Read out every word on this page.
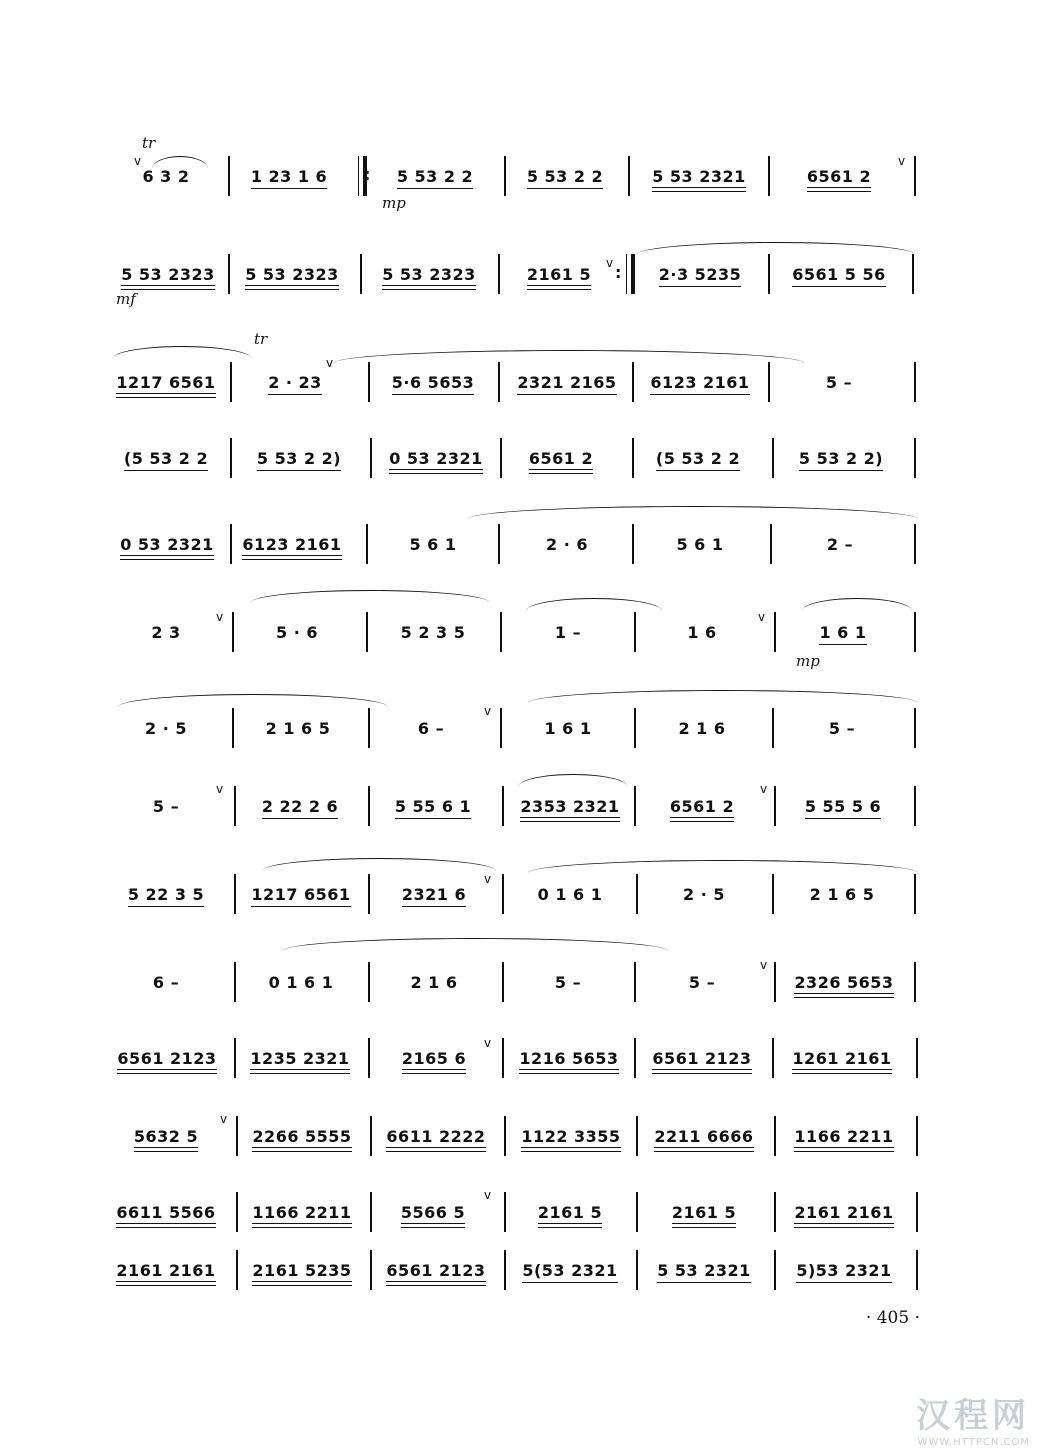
tr
v
6 3 2	1 23 1 6
:	5 53 2 2
mp
5 53 2 2	5 53 2321	6561 2
v
5 53 2323
mf
5 53 2323	5 53 2323	2161 5
v
:
2·3 5235	6561 5 56
tr
v
1217 6561	2 · 23	5·6 5653	2321 2165 6123 2161	5 –
(5 53 2 2	5 53 2 2)	0 53 2321	6561 2	(5 53 2 2	5 53 2 2)
0 53 2321 6123 2161	5 6 1	2 · 6	5 6 1	2 –
2 3
v
5 · 6	5 2 3 5	1 –	1 6
v
1 6 1
mp
2 · 5	2 1 6 5	6 –
v
1 6 1	2 1 6	5 –
5 –
v
2 22 2 6	5 55 6 1	2353 2321	6561 2
v
5 55 5 6
5 22 3 5	1217 6561	2321 6
v
0 1 6 1	2 · 5	2 1 6 5
6 –	0 1 6 1	2 1 6	5 –	5 –
v
2326 5653
6561 2123 1235 2321	2165 6
v
1216 5653 6561 2123	1261 2161
5632 5
v
2266 5555 6611 2222 1122 3355 2211 6666	1166 2211
6611 5566 1166 2211	5566 5
v
2161 5	2161 5	2161 2161
2161 2161 2161 5235 6561 2123 5(53 2321 5 53 2321	5)53 2321
· 405 ·
汉程网
WWW.HTTPCN.COM
